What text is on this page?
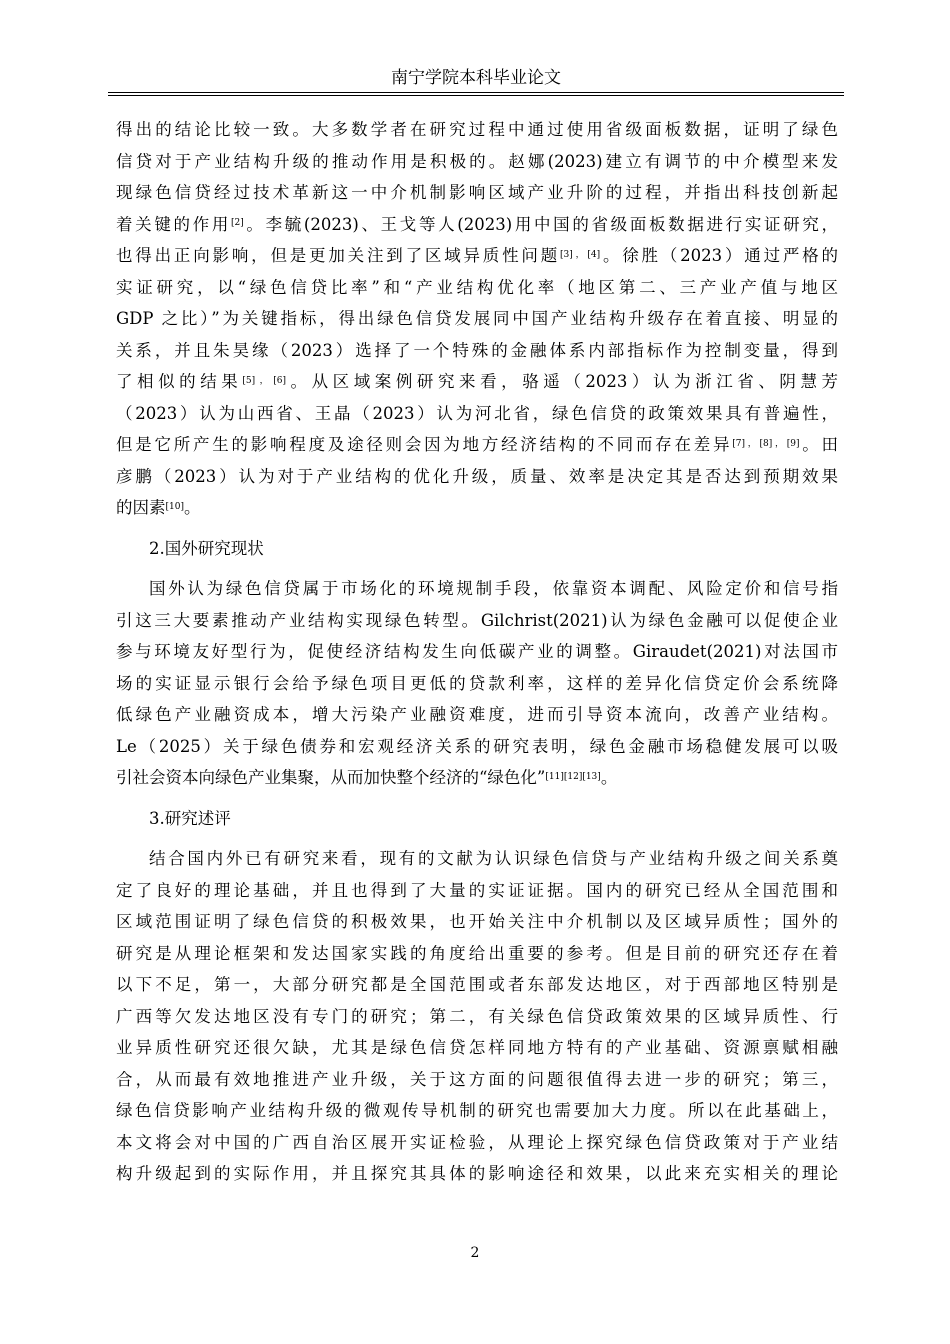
南宁学院本科毕业论文
得出的结论比较一致。大多数学者在研究过程中通过使用省级面板数据，证明了绿色
信贷对于产业结构升级的推动作用是积极的。赵娜(2023)建立有调节的中介模型来发
现绿色信贷经过技术革新这一中介机制影响区域产业升阶的过程，并指出科技创新起
着关键的作用[2]。李毓(2023)、王戈等人(2023)用中国的省级面板数据进行实证研究，
也得出正向影响，但是更加关注到了区域异质性问题[3]，[4]。徐胜（2023）通过严格的
实证研究，以“绿色信贷比率”和“产业结构优化率（地区第二、三产业产值与地区
GDP 之比）”为关键指标，得出绿色信贷发展同中国产业结构升级存在着直接、明显的
关系，并且朱昊缘（2023）选择了一个特殊的金融体系内部指标作为控制变量，得到
了相似的结果[5]，[6]。从区域案例研究来看，骆遥（2023）认为浙江省、阴慧芳
（2023）认为山西省、王晶（2023）认为河北省，绿色信贷的政策效果具有普遍性，
但是它所产生的影响程度及途径则会因为地方经济结构的不同而存在差异[7]，[8]，[9]。田
彦鹏（2023）认为对于产业结构的优化升级，质量、效率是决定其是否达到预期效果
的因素[10]。
2.国外研究现状
国外认为绿色信贷属于市场化的环境规制手段，依靠资本调配、风险定价和信号指
引这三大要素推动产业结构实现绿色转型。Gilchrist(2021)认为绿色金融可以促使企业
参与环境友好型行为，促使经济结构发生向低碳产业的调整。Giraudet(2021)对法国市
场的实证显示银行会给予绿色项目更低的贷款利率，这样的差异化信贷定价会系统降
低绿色产业融资成本，增大污染产业融资难度，进而引导资本流向，改善产业结构。
Le（2025）关于绿色债券和宏观经济关系的研究表明，绿色金融市场稳健发展可以吸
引社会资本向绿色产业集聚，从而加快整个经济的“绿色化”[11][12][13]。
3.研究述评
结合国内外已有研究来看，现有的文献为认识绿色信贷与产业结构升级之间关系奠
定了良好的理论基础，并且也得到了大量的实证证据。国内的研究已经从全国范围和
区域范围证明了绿色信贷的积极效果，也开始关注中介机制以及区域异质性；国外的
研究是从理论框架和发达国家实践的角度给出重要的参考。但是目前的研究还存在着
以下不足，第一，大部分研究都是全国范围或者东部发达地区，对于西部地区特别是
广西等欠发达地区没有专门的研究；第二，有关绿色信贷政策效果的区域异质性、行
业异质性研究还很欠缺，尤其是绿色信贷怎样同地方特有的产业基础、资源禀赋相融
合，从而最有效地推进产业升级，关于这方面的问题很值得去进一步的研究；第三，
绿色信贷影响产业结构升级的微观传导机制的研究也需要加大力度。所以在此基础上，
本文将会对中国的广西自治区展开实证检验，从理论上探究绿色信贷政策对于产业结
构升级起到的实际作用，并且探究其具体的影响途径和效果，以此来充实相关的理论
2
